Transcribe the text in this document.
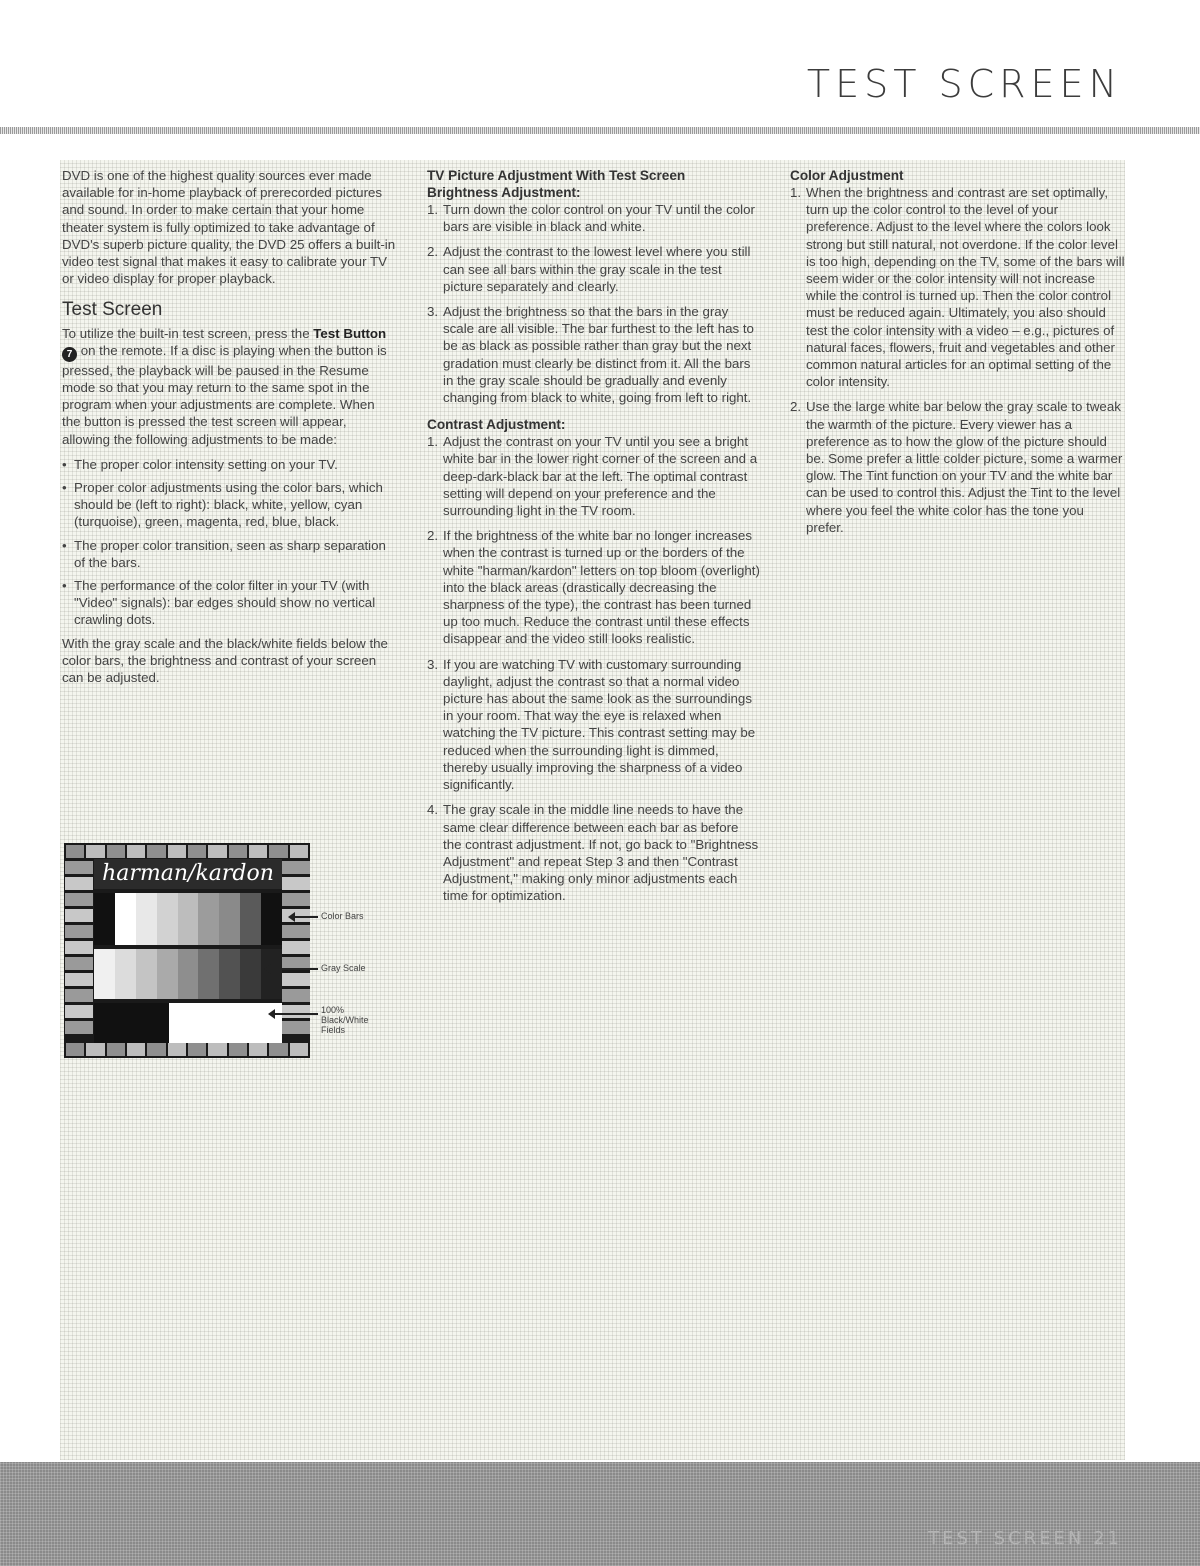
TEST SCREEN

DVD is one of the highest quality sources ever made available for in-home playback of prerecorded pictures and sound. In order to make certain that your home theater system is fully optimized to take advantage of DVD's superb picture quality, the DVD 25 offers a built-in video test signal that makes it easy to calibrate your TV or video display for proper playback.

Test Screen

To utilize the built-in test screen, press the Test Button
7 on the remote. If a disc is playing when the button is pressed, the playback will be paused in the Resume mode so that you may return to the same spot in the program when your adjustments are complete. When the button is pressed the test screen will appear, allowing the following adjustments to be made:

• The proper color intensity setting on your TV.
• Proper color adjustments using the color bars, which should be (left to right): black, white, yellow, cyan (turquoise), green, magenta, red, blue, black.
• The proper color transition, seen as sharp separation of the bars.
• The performance of the color filter in your TV (with "Video" signals): bar edges should show no vertical crawling dots.

With the gray scale and the black/white fields below the color bars, the brightness and contrast of your screen can be adjusted.

harman/kardon
Color Bars
Gray Scale
100%
Black/White
Fields
TV Picture Adjustment With Test Screen
Brightness Adjustment:
1. Turn down the color control on your TV until the color bars are visible in black and white.
2. Adjust the contrast to the lowest level where you still can see all bars within the gray scale in the test picture separately and clearly.
3. Adjust the brightness so that the bars in the gray scale are all visible. The bar furthest to the left has to be as black as possible rather than gray but the next gradation must clearly be distinct from it. All the bars in the gray scale should be gradually and evenly changing from black to white, going from left to right.
Contrast Adjustment:
1. Adjust the contrast on your TV until you see a bright white bar in the lower right corner of the screen and a deep-dark-black bar at the left. The optimal contrast setting will depend on your preference and the surrounding light in the TV room.
2. If the brightness of the white bar no longer increases when the contrast is turned up or the borders of the white "harman/kardon" letters on top bloom (overlight) into the black areas (drastically decreasing the sharpness of the type), the contrast has been turned up too much. Reduce the contrast until these effects disappear and the video still looks realistic.
3. If you are watching TV with customary surrounding daylight, adjust the contrast so that a normal video picture has about the same look as the surroundings in your room. That way the eye is relaxed when watching the TV picture. This contrast setting may be reduced when the surrounding light is dimmed, thereby usually improving the sharpness of a video significantly.
4. The gray scale in the middle line needs to have the same clear difference between each bar as before the contrast adjustment. If not, go back to "Brightness Adjustment" and repeat Step 3 and then "Contrast Adjustment," making only minor adjustments each time for optimization.
Color Adjustment
1. When the brightness and contrast are set optimally, turn up the color control to the level of your preference. Adjust to the level where the colors look strong but still natural, not overdone. If the color level is too high, depending on the TV, some of the bars will seem wider or the color intensity will not increase while the control is turned up. Then the color control must be reduced again. Ultimately, you also should test the color intensity with a video – e.g., pictures of natural faces, flowers, fruit and vegetables and other common natural articles for an optimal setting of the color intensity.
2. Use the large white bar below the gray scale to tweak the warmth of the picture. Every viewer has a preference as to how the glow of the picture should be. Some prefer a little colder picture, some a warmer glow. The Tint function on your TV and the white bar can be used to control this. Adjust the Tint to the level where you feel the white color has the tone you prefer.
TEST SCREEN 21
